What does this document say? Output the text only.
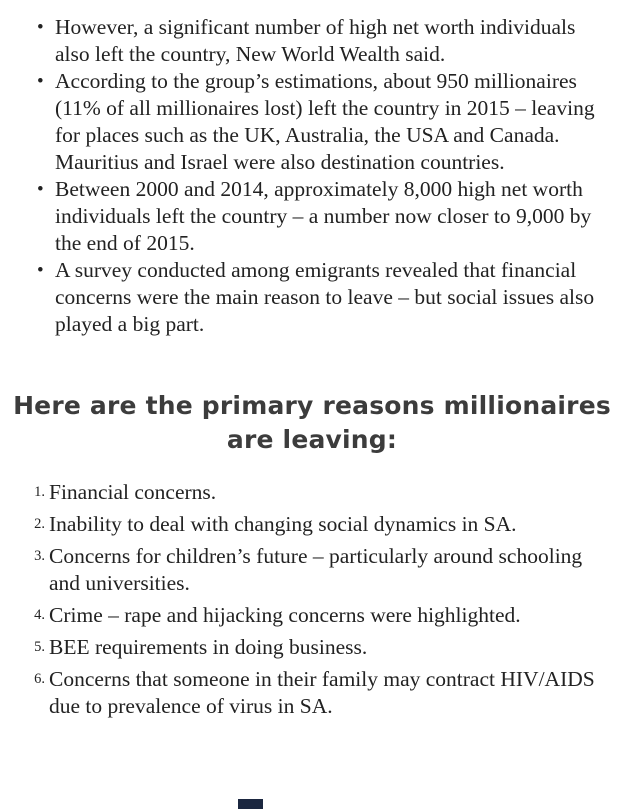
• However, a significant number of high net worth individuals also left the country, New World Wealth said.
• According to the group’s estimations, about 950 millionaires (11% of all millionaires lost) left the country in 2015 – leaving for places such as the UK, Australia, the USA and Canada. Mauritius and Israel were also destination countries.
• Between 2000 and 2014, approximately 8,000 high net worth individuals left the country – a number now closer to 9,000 by the end of 2015.
• A survey conducted among emigrants revealed that financial concerns were the main reason to leave – but social issues also played a big part.
Here are the primary reasons millionaires are leaving:
1. Financial concerns.
2. Inability to deal with changing social dynamics in SA.
3. Concerns for children’s future – particularly around schooling and universities.
4. Crime – rape and hijacking concerns were highlighted.
5. BEE requirements in doing business.
6. Concerns that someone in their family may contract HIV/AIDS due to prevalence of virus in SA.
